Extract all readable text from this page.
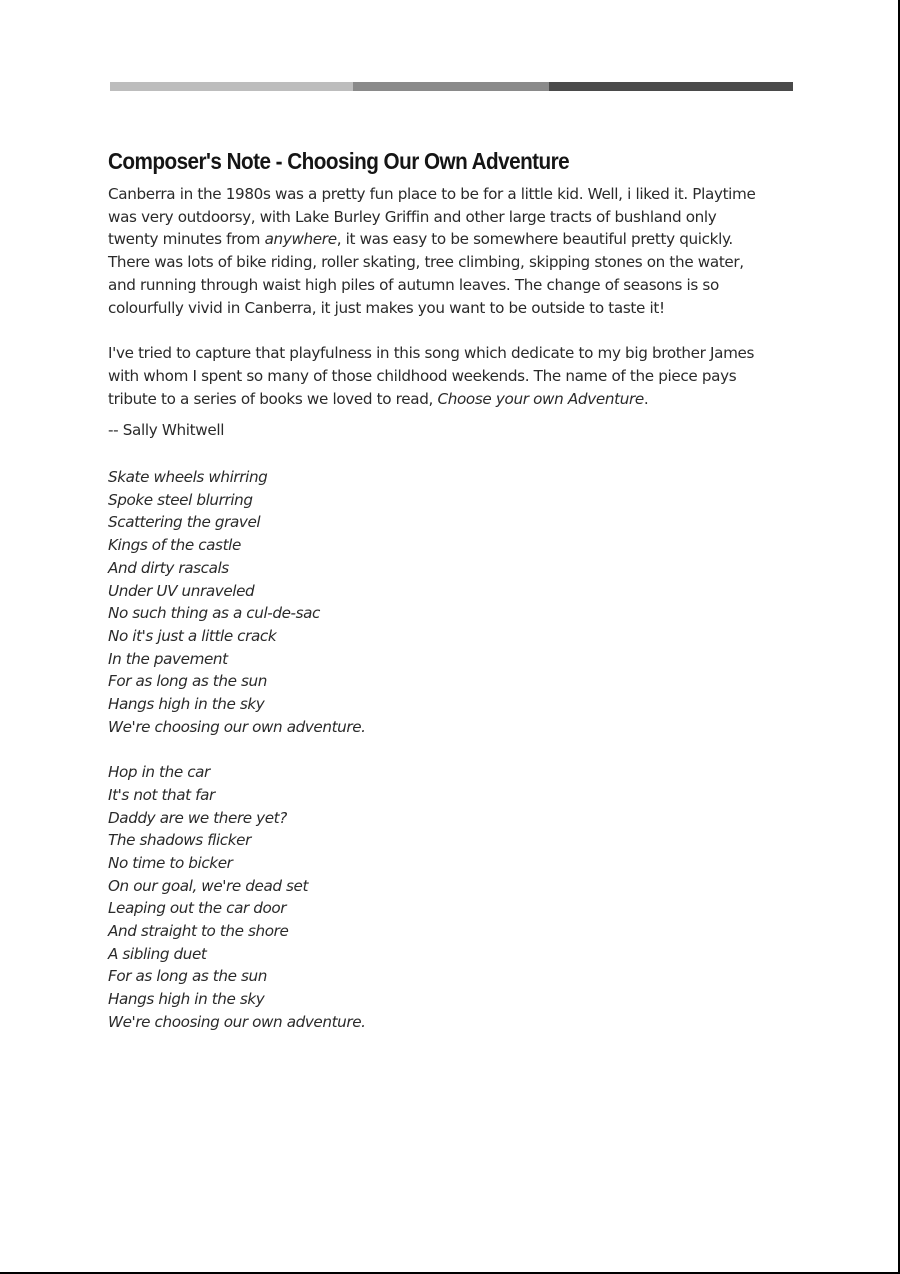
Composer's Note - Choosing Our Own Adventure

Canberra in the 1980s was a pretty fun place to be for a little kid. Well, i liked it. Playtime
was very outdoorsy, with Lake Burley Griffin and other large tracts of bushland only
twenty minutes from anywhere, it was easy to be somewhere beautiful pretty quickly.
There was lots of bike riding, roller skating, tree climbing, skipping stones on the water,
and running through waist high piles of autumn leaves. The change of seasons is so
colourfully vivid in Canberra, it just makes you want to be outside to taste it!

I've tried to capture that playfulness in this song which dedicate to my big brother James
with whom I spent so many of those childhood weekends. The name of the piece pays
tribute to a series of books we loved to read, Choose your own Adventure.

-- Sally Whitwell

Skate wheels whirring
Spoke steel blurring
Scattering the gravel
Kings of the castle
And dirty rascals
Under UV unraveled
No such thing as a cul-de-sac
No it's just a little crack
In the pavement
For as long as the sun
Hangs high in the sky
We're choosing our own adventure.
Hop in the car
It's not that far
Daddy are we there yet?
The shadows flicker
No time to bicker
On our goal, we're dead set
Leaping out the car door
And straight to the shore
A sibling duet
For as long as the sun
Hangs high in the sky
We're choosing our own adventure.
